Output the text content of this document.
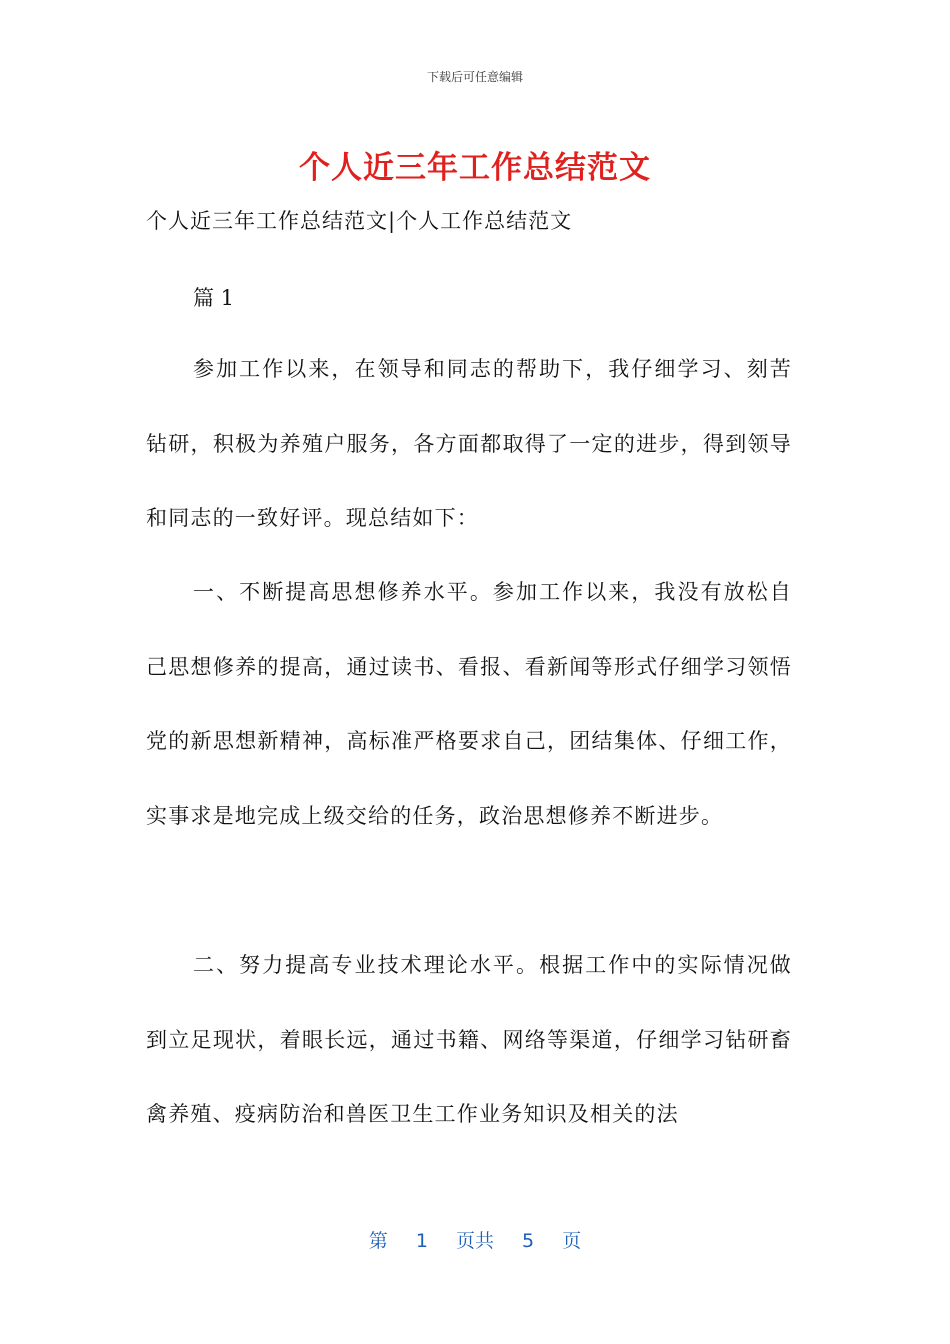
下载后可任意编辑
个人近三年工作总结范文
个人近三年工作总结范文|个人工作总结范文
篇 1
参加工作以来，在领导和同志的帮助下，我仔细学习、刻苦钻研，积极为养殖户服务，各方面都取得了一定的进步，得到领导和同志的一致好评。现总结如下：
一、不断提高思想修养水平。参加工作以来，我没有放松自己思想修养的提高，通过读书、看报、看新闻等形式仔细学习领悟党的新思想新精神，高标准严格要求自己，团结集体、仔细工作，实事求是地完成上级交给的任务，政治思想修养不断进步。
二、努力提高专业技术理论水平。根据工作中的实际情况做到立足现状，着眼长远，通过书籍、网络等渠道，仔细学习钻研畜禽养殖、疫病防治和兽医卫生工作业务知识及相关的法
第 1 页共 5 页
